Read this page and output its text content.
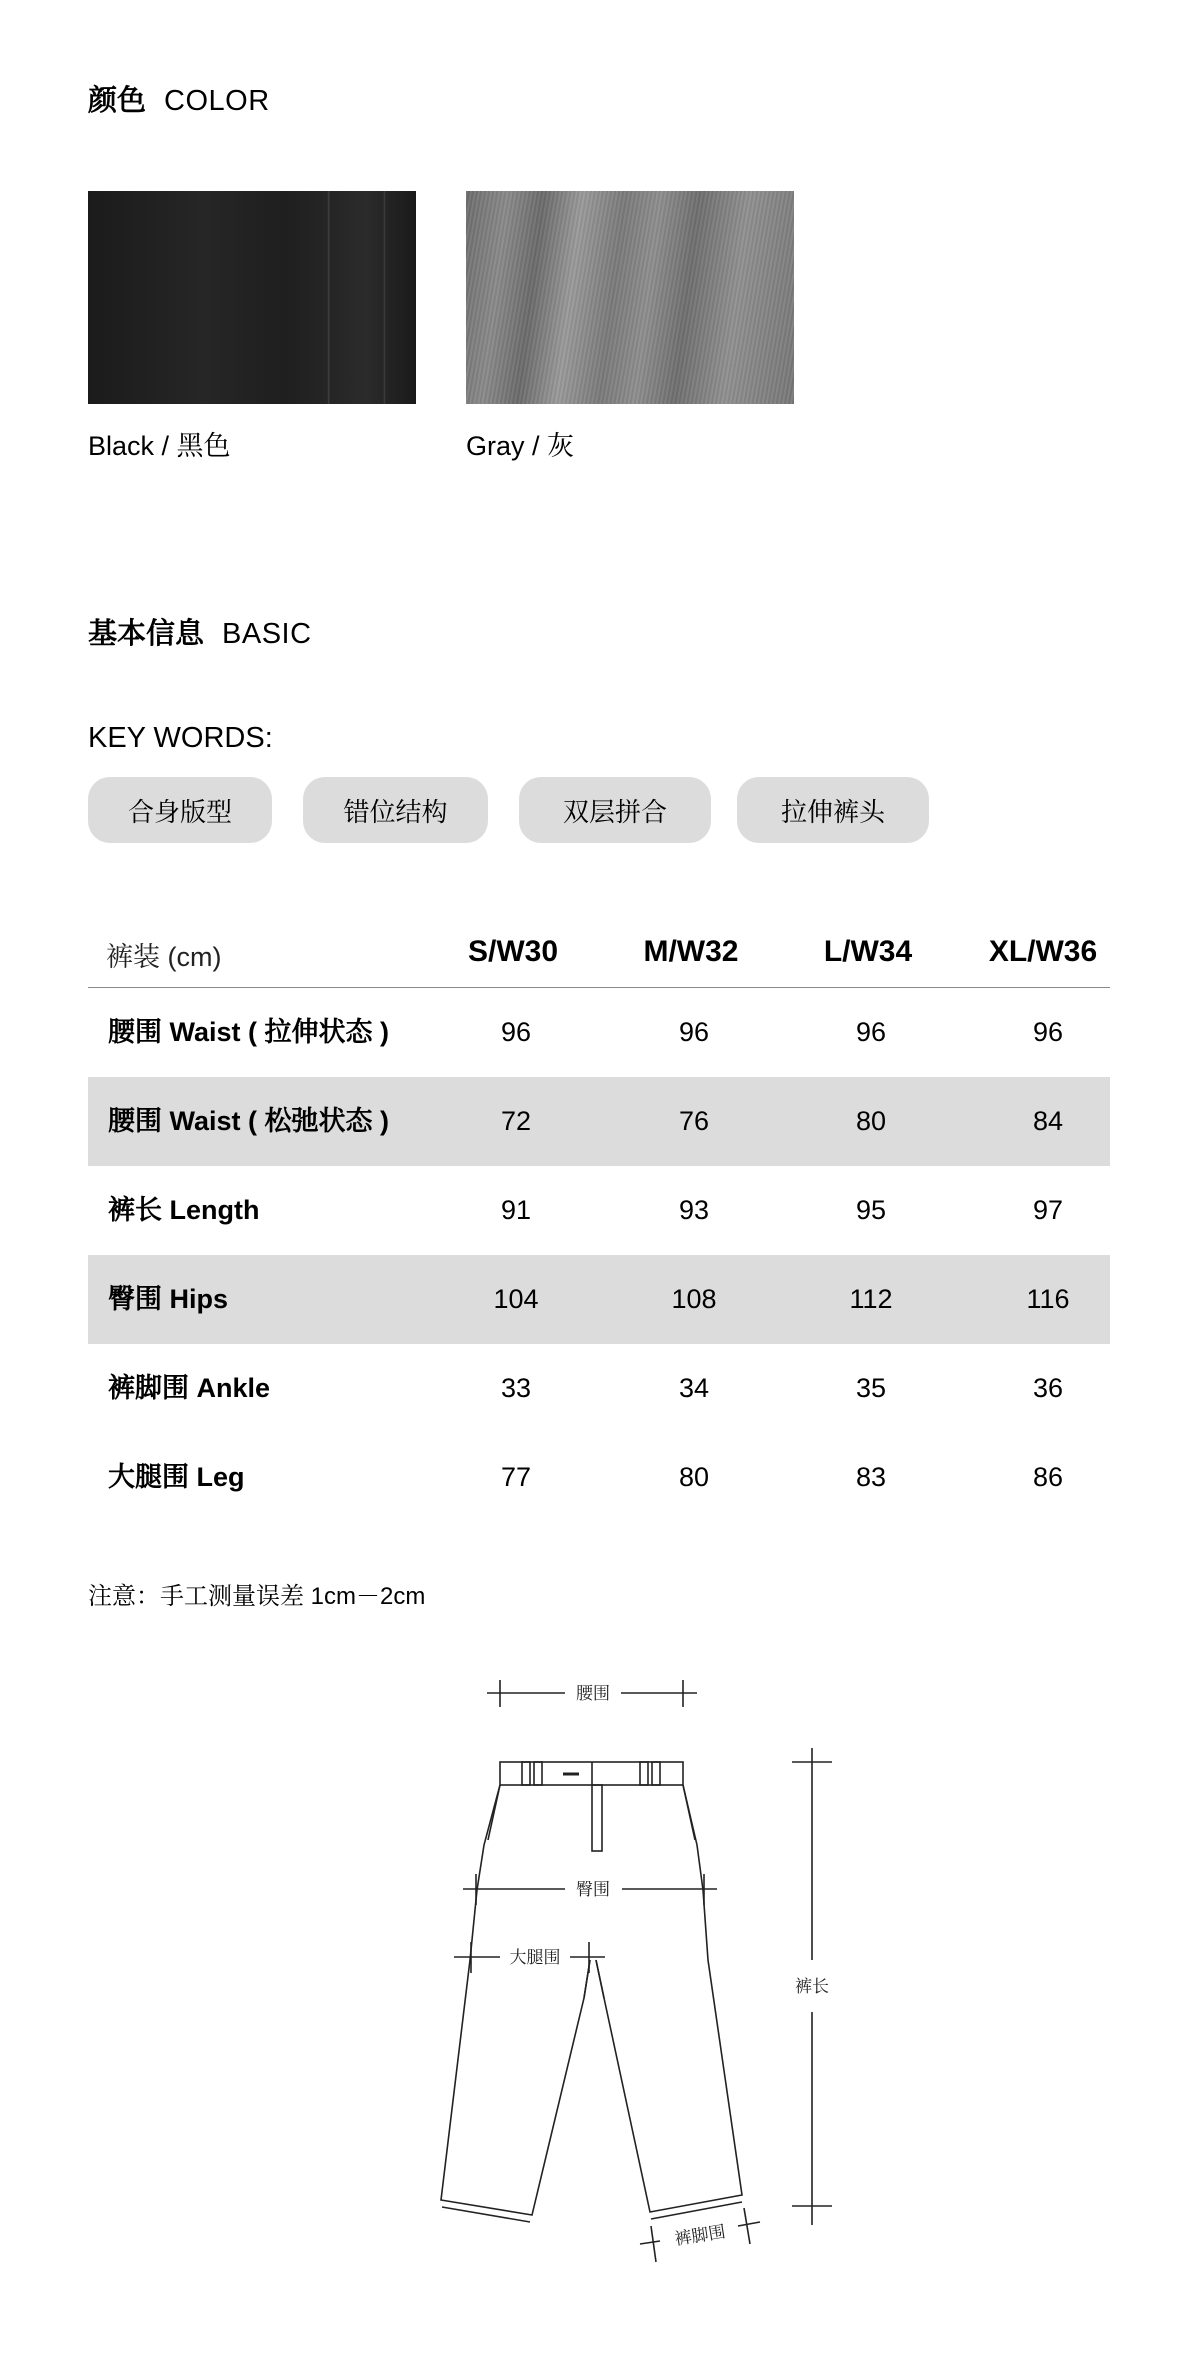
颜色 COLOR
Black / 黑色	Gray / 灰
基本信息 BASIC
KEY WORDS:
合身版型	错位结构	双层拼合	拉伸裤头
裤装 (cm)	S/W30	M/W32	L/W34	XL/W36
腰围 Waist ( 拉伸状态 )	96	96	96	96
腰围 Waist ( 松弛状态 )	72	76	80	84
裤长 Length	91	93	95	97
臀围 Hips	104	108	112	116
裤脚围 Ankle	33	34	35	36
大腿围 Leg	77	80	83	86
注意：手工测量误差 1cm－2cm
腰围
臀围
大腿围
裤长
裤脚围
